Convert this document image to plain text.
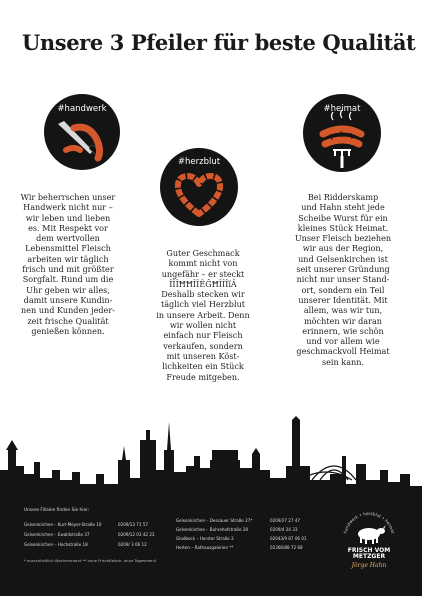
Unsere 3 Pfeiler für beste Qualität
#handwerk
#herzblut
#heimat
Wir beherrschen unser
Handwerk nicht nur –
wir leben und lieben
es. Mit Respekt vor
dem wertvollen
Lebensmittel Fleisch
arbeiten wir täglich
frisch und mit größter
Sorgfalt. Rund um die
Uhr geben wir alles,
damit unsere Kundin-
nen und Kunden jeder-
zeit frische Qualität
genießen können.
Guter Geschmack
kommt nicht von
ungefähr – er steckt
ÎÎÎĦĦÎÎÊĜĦÎÎÎĩÂ
Deshalb stecken wir
täglich viel Herzblut
in unsere Arbeit. Denn
wir wollen nicht
einfach nur Fleisch
verkaufen, sondern
mit unseren Köst-
lichkeiten ein Stück
Freude mitgeben.
Bei Ridderskamp
und Hahn steht jede
Scheibe Wurst für ein
kleines Stück Heimat.
Unser Fleisch beziehen
wir aus der Region,
und Gelsenkirchen ist
seit unserer Gründung
nicht nur unser Stand-
ort, sondern ein Teil
unserer Identität. Mit
allem, was wir tun,
möchten wir daran
erinnern, wie schön
und vor allem wie
geschmackvoll Heimat
sein kann.
Unsere Filialen finden Sie hier:
Gelsenkirchen – Kurt-Meyer-Straße 10	0209/13 71 57
Gelsenkirchen – Ewaldstraße 37	0209/12 03 42 23
Gelsenkirchen – Hochstraße 18	0209/ 3 06 12
Gelsenkirchen – Dessauer Straße 27*	0209/27 27 47
Gelsenkirchen – Buhrehofstraße 28	0209/4 24 33
Gladbeck – Horster Straße 2	02043/9 87 06 01
Herten – Rathausgalerien **	02366/88 72 68
* ausschließlich Wochenmarkt ** ohne Frischfleisch, ohne Tagesmenü
handwerk • herzblut • heimat
FRISCH VOM
METZGER
Jörge Hahn
